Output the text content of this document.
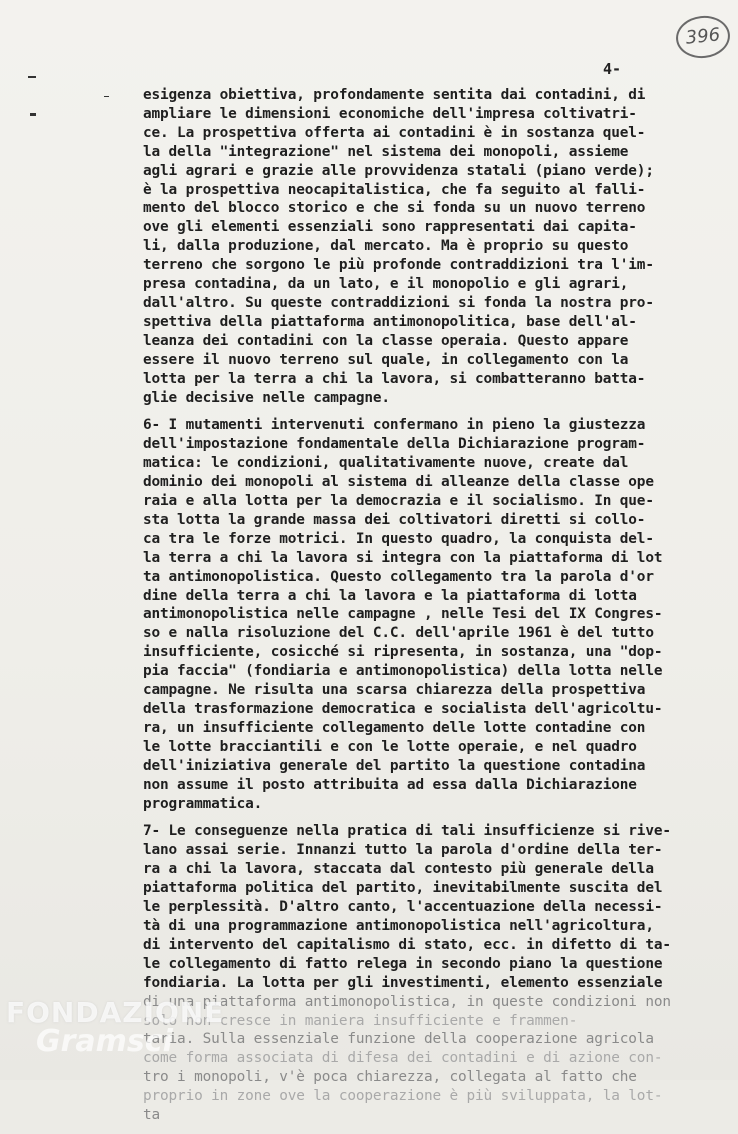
396
4-
esigenza obiettiva, profondamente sentita dai contadini, di
ampliare le dimensioni economiche dell'impresa coltivatri-
ce. La prospettiva offerta ai contadini è in sostanza quel-
la della "integrazione" nel sistema dei monopoli, assieme
agli agrari e grazie alle provvidenza statali (piano verde);
è la prospettiva neocapitalistica, che fa seguito al falli-
mento del blocco storico e che si fonda su un nuovo terreno
ove gli elementi essenziali sono rappresentati dai capita-
li, dalla produzione, dal mercato. Ma è proprio su questo
terreno che sorgono le più profonde contraddizioni tra l'im-
presa contadina, da un lato, e il monopolio e gli agrari,
dall'altro. Su queste contraddizioni si fonda la nostra pro-
spettiva della piattaforma antimonopolitica, base dell'al-
leanza dei contadini con la classe operaia. Questo appare
essere il nuovo terreno sul quale, in collegamento con la
lotta per la terra a chi la lavora, si combatteranno batta-
glie decisive nelle campagne.
6- I mutamenti intervenuti confermano in pieno la giustezza
dell'impostazione fondamentale della Dichiarazione program-
matica: le condizioni, qualitativamente nuove, create dal
dominio dei monopoli al sistema di alleanze della classe ope
raia e alla lotta per la democrazia e il socialismo. In que-
sta lotta la grande massa dei coltivatori diretti si collo-
ca tra le forze motrici. In questo quadro, la conquista del-
la terra a chi la lavora si integra con la piattaforma di lot
ta antimonopolistica. Questo collegamento tra la parola d'or
dine della terra a chi la lavora e la piattaforma di lotta
antimonopolistica nelle campagne , nelle Tesi del IX Congres-
so e nalla risoluzione del C.C. dell'aprile 1961 è del tutto
insufficiente, cosicché si ripresenta, in sostanza, una "dop-
pia faccia" (fondiaria e antimonopolistica) della lotta nelle
campagne. Ne risulta una scarsa chiarezza della prospettiva
della trasformazione democratica e socialista dell'agricoltu-
ra, un insufficiente collegamento delle lotte contadine con
le lotte bracciantili e con le lotte operaie, e nel quadro
dell'iniziativa generale del partito la questione contadina
non assume il posto attribuita ad essa dalla Dichiarazione
programmatica.
7- Le conseguenze nella pratica di tali insufficienze si rive-
lano assai serie. Innanzi tutto la parola d'ordine della ter-
ra a chi la lavora, staccata dal contesto più generale della
piattaforma politica del partito, inevitabilmente suscita del
le perplessità. D'altro canto, l'accentuazione della necessi-
tà di una programmazione antimonopolistica nell'agricoltura,
di intervento del capitalismo di stato, ecc. in difetto di ta-
le collegamento di fatto relega in secondo piano la questione
fondiaria. La lotta per gli investimenti, elemento essenziale
di una piattaforma antimonopolistica, in queste condizioni non
solo non cresce in maniera insufficiente e frammen-
taria. Sulla essenziale funzione della cooperazione agricola
come forma associata di difesa dei contadini e di azione con-
tro i monopoli, v'è poca chiarezza, collegata al fatto che
proprio in zone ove la cooperazione è più sviluppata, la lot-
ta
FONDAZIONE
Gramsci
